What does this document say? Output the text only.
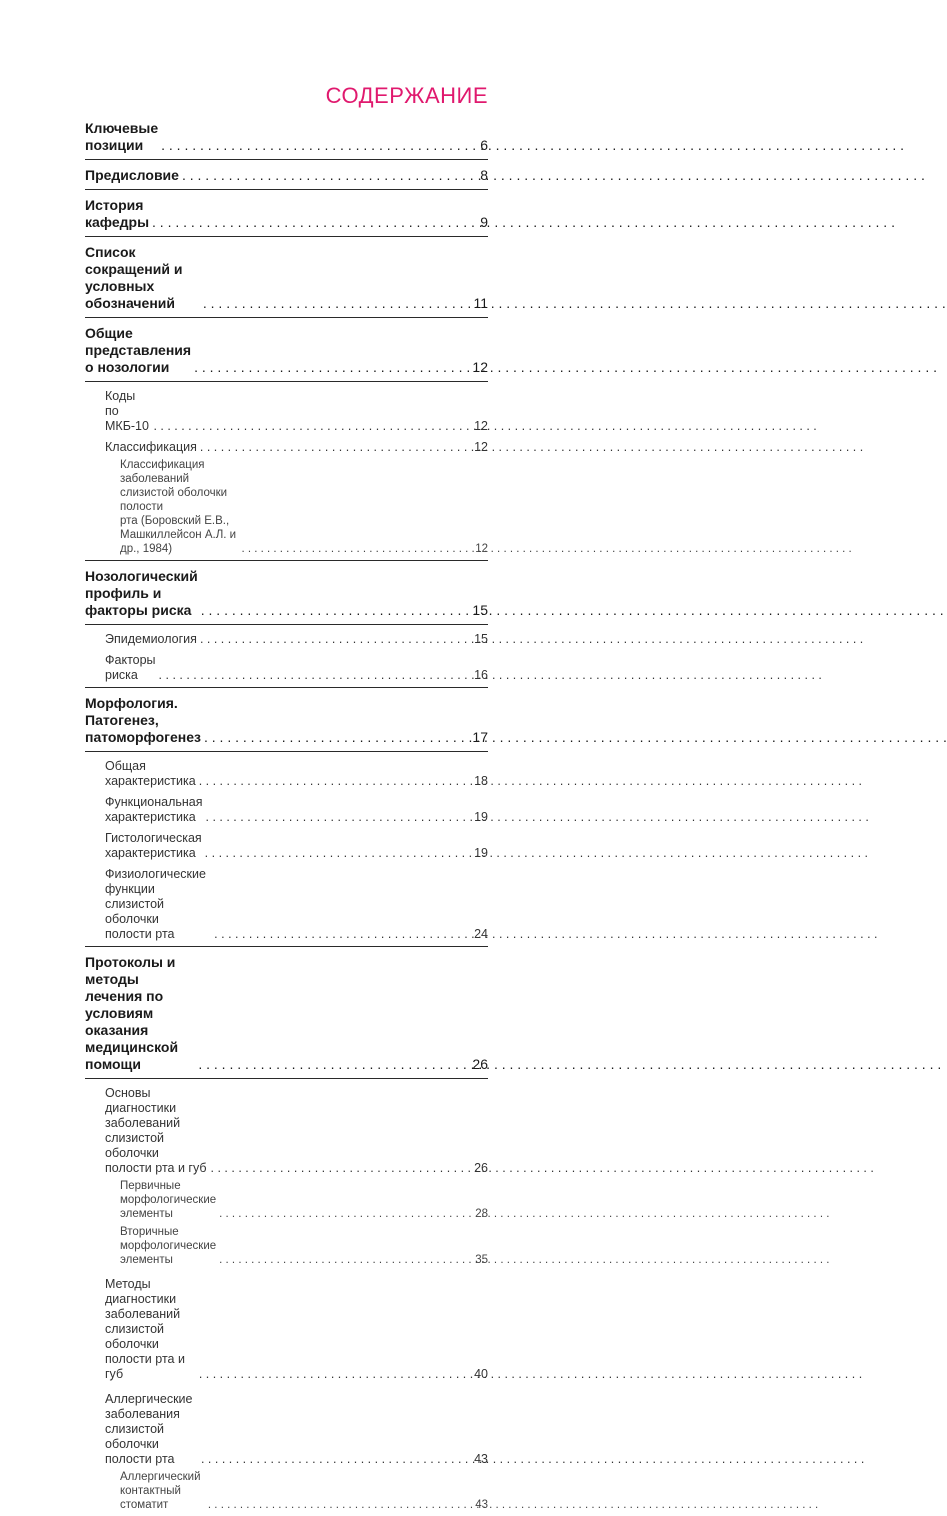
СОДЕРЖАНИЕ
Ключевые позиции . . .	6
Предисловие . . .	8
История кафедры . . .	9
Список сокращений и условных обозначений . . .	11
Общие представления о нозологии . . .	12
Коды по МКБ-10 . . .	12
Классификация . . .	12
Классификация заболеваний слизистой оболочки полости
рта (Боровский Е.В., Машкиллейсон А.Л. и др., 1984) . . .	12
Нозологический профиль и факторы риска . . .	15
Эпидемиология . . .	15
Факторы риска . . .	16
Морфология. Патогенез, патоморфогенез . . .	17
Общая характеристика . . .	18
Функциональная характеристика . . .	19
Гистологическая характеристика . . .	19
Физиологические функции слизистой оболочки
полости рта . . .	24
Протоколы и методы лечения по условиям
оказания медицинской помощи . . .	26
Основы диагностики заболеваний слизистой
оболочки полости рта и губ . . .	26
Первичные морфологические элементы . . .	28
Вторичные морфологические элементы . . .	35
Методы диагностики заболеваний
слизистой оболочки полости рта и губ . . .	40
Аллергические заболевания слизистой
оболочки полости рта . . .	43
Аллергический контактный стоматит . . .	43
